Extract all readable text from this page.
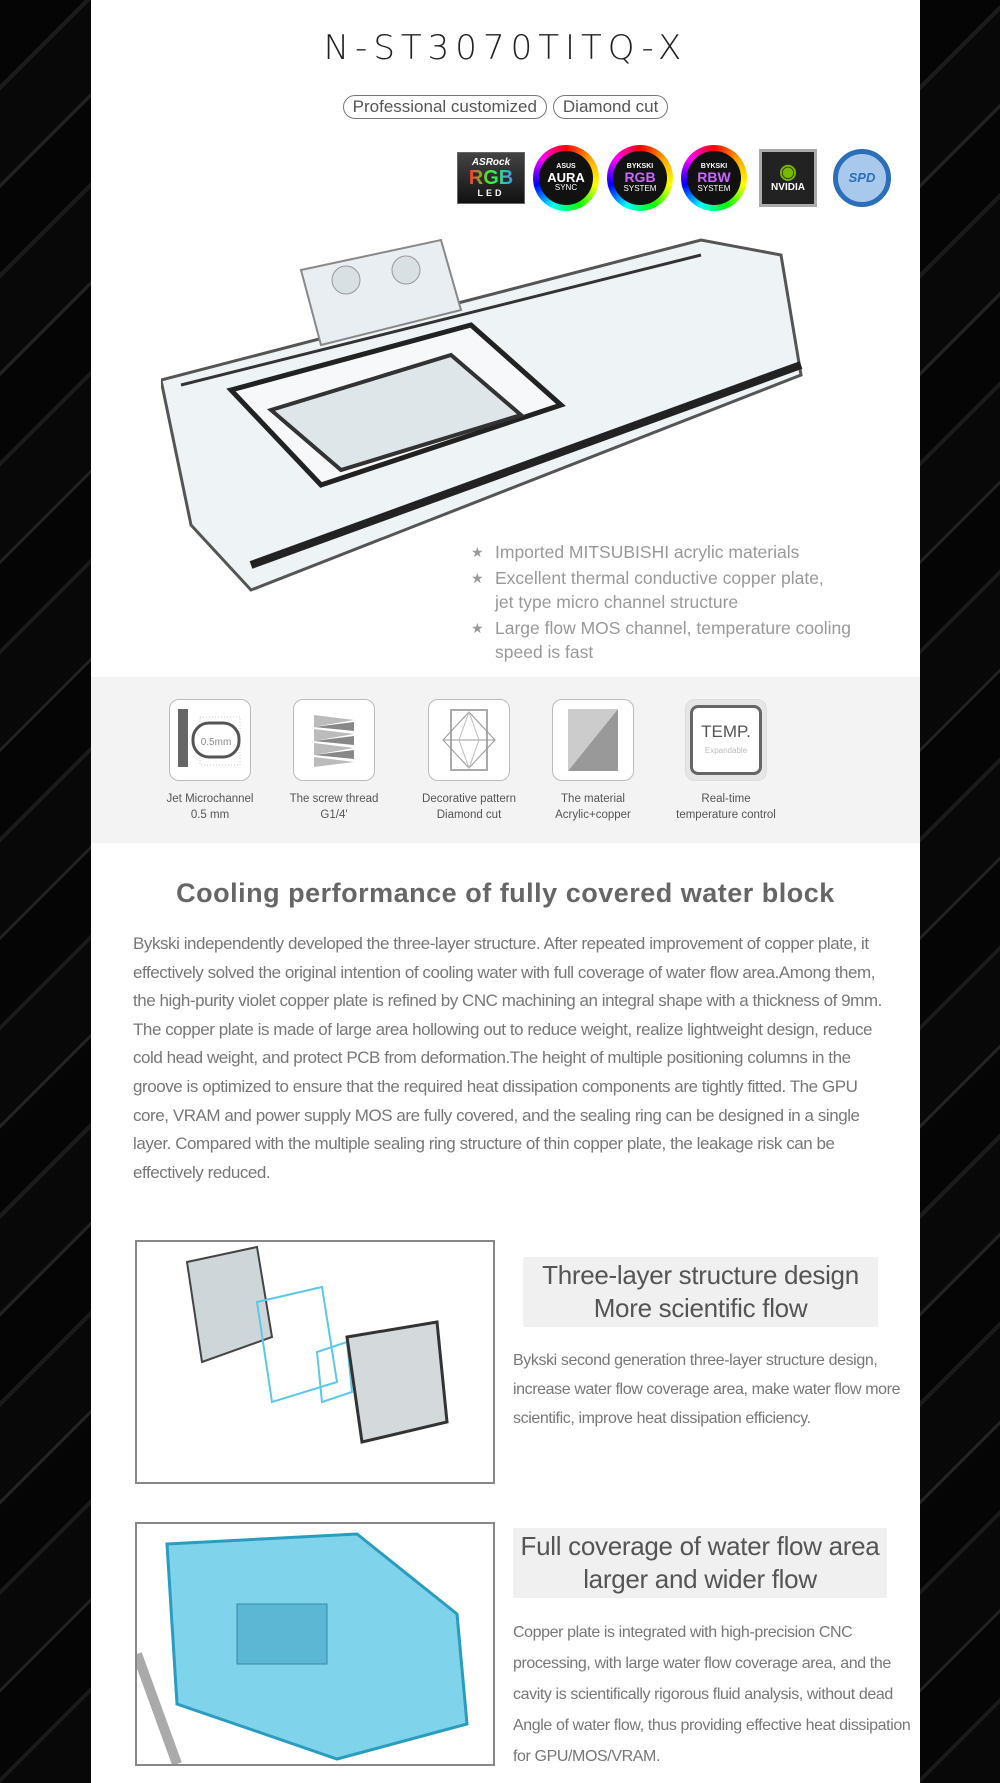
N-ST3070TITQ-X
Professional customized	Diamond cut
ASRock
RGB
LED
ASUS
AURA
SYNC
BYKSKI
RGB
SYSTEM
BYKSKI
RBW
SYSTEM
◉
NVIDIA
SPD
★ Imported MITSUBISHI acrylic materials
★ Excellent thermal conductive copper plate, jet type micro channel structure
★ Large flow MOS channel, temperature cooling speed is fast
0.5mm
Jet Microchannel
0.5 mm
The screw thread
G1/4'
Decorative pattern
Diamond cut
The material
Acrylic+copper
TEMP.
Expandable
Real-time
temperature control
Cooling performance of fully covered water block
Bykski independently developed the three-layer structure. After repeated improvement of copper plate, it effectively solved the original intention of cooling water with full coverage of water flow area.Among them, the high-purity violet copper plate is refined by CNC machining an integral shape with a thickness of 9mm. The copper plate is made of large area hollowing out to reduce weight, realize lightweight design, reduce cold head weight, and protect PCB from deformation.The height of multiple positioning columns in the groove is optimized to ensure that the required heat dissipation components are tightly fitted. The GPU core, VRAM and power supply MOS are fully covered, and the sealing ring can be designed in a single layer. Compared with the multiple sealing ring structure of thin copper plate, the leakage risk can be effectively reduced.
Three-layer structure design
More scientific flow
Bykski second generation three-layer structure design, increase water flow coverage area, make water flow more scientific, improve heat dissipation efficiency.
Full coverage of water flow area
larger and wider flow
Copper plate is integrated with high-precision CNC processing, with large water flow coverage area, and the cavity is scientifically rigorous fluid analysis, without dead Angle of water flow, thus providing effective heat dissipation for GPU/MOS/VRAM.
